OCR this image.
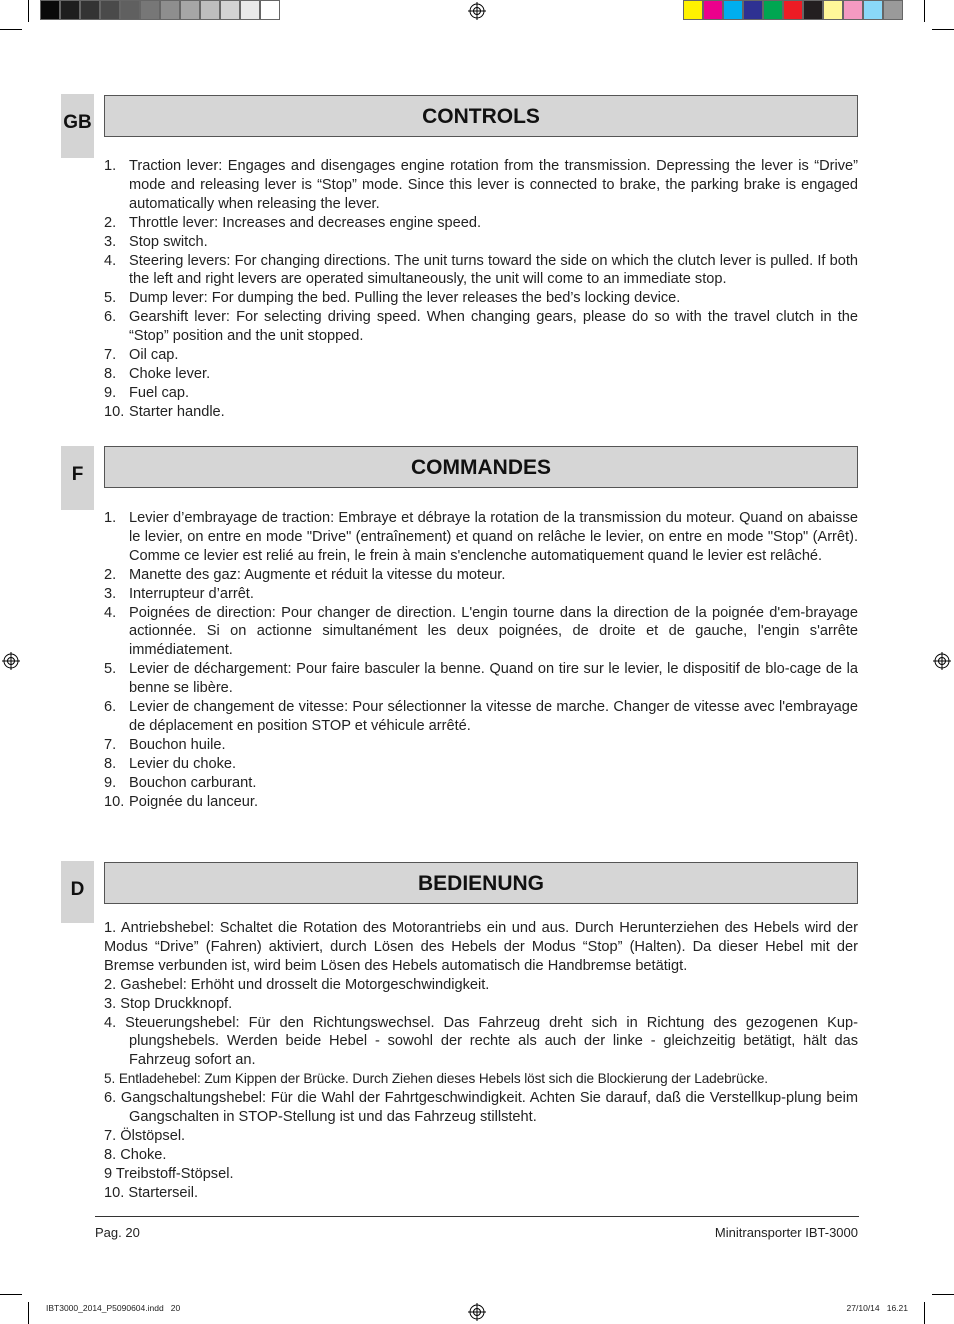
GB	CONTROLS
1. Traction lever: Engages and disengages engine rotation from the transmission. Depressing the lever is “Drive” mode and releasing lever is “Stop” mode. Since this lever is connected to brake, the parking brake is engaged automatically when releasing the lever.
2. Throttle lever: Increases and decreases engine speed.
3. Stop switch.
4. Steering levers: For changing directions. The unit turns toward the side on which the clutch lever is pulled. If both the left and right levers are operated simultaneously, the unit will come to an immediate stop.
5. Dump lever: For dumping the bed. Pulling the lever releases the bed’s locking device.
6. Gearshift lever: For selecting driving speed. When changing gears, please do so with the travel clutch in the “Stop” position and the unit stopped.
7. Oil cap.
8. Choke lever.
9. Fuel cap.
10. Starter handle.
F	COMMANDES
1. Levier d’embrayage de traction: Embraye et débraye la rotation de la transmission du moteur. Quand on abaisse le levier, on entre en mode "Drive" (entraînement) et quand on relâche le levier, on entre en mode "Stop" (Arrêt). Comme ce levier est relié au frein, le frein à main s'enclenche automatiquement quand le levier est relâché.
2. Manette des gaz: Augmente et réduit la vitesse du moteur.
3. Interrupteur d’arrêt.
4. Poignées de direction: Pour changer de direction. L'engin tourne dans la direction de la poignée d'em-brayage actionnée. Si on actionne simultanément les deux poignées, de droite et de gauche, l'engin s'arrête immédiatement.
5. Levier de déchargement: Pour faire basculer la benne. Quand on tire sur le levier, le dispositif de blo-cage de la benne se libère.
6. Levier de changement de vitesse: Pour sélectionner la vitesse de marche. Changer de vitesse avec l'embrayage de déplacement en position STOP et véhicule arrêté.
7. Bouchon huile.
8. Levier du choke.
9. Bouchon carburant.
10. Poignée du lanceur.
D	BEDIENUNG
1. Antriebshebel: Schaltet die Rotation des Motorantriebs ein und aus. Durch Herunterziehen des Hebels wird der Modus “Drive” (Fahren) aktiviert, durch Lösen des Hebels der Modus “Stop” (Halten). Da dieser Hebel mit der Bremse verbunden ist, wird beim Lösen des Hebels automatisch die Handbremse betätigt.
2. Gashebel: Erhöht und drosselt die Motorgeschwindigkeit.
3. Stop Druckknopf.
4. Steuerungshebel: Für den Richtungswechsel. Das Fahrzeug dreht sich in Richtung des gezogenen Kup-plungshebels. Werden beide Hebel - sowohl der rechte als auch der linke - gleichzeitig betätigt, hält das Fahrzeug sofort an.
5. Entladehebel: Zum Kippen der Brücke. Durch Ziehen dieses Hebels löst sich die Blockierung der Ladebrücke.
6. Gangschaltungshebel: Für die Wahl der Fahrtgeschwindigkeit. Achten Sie darauf, daß die Verstellkup-plung beim Gangschalten in STOP-Stellung ist und das Fahrzeug stillsteht.
7. Ölstöpsel.
8. Choke.
9 Treibstoff-Stöpsel.
10. Starterseil.
Pag. 20	Minitransporter IBT-3000
IBT3000_2014_P5090604.indd   20	27/10/14   16.21
